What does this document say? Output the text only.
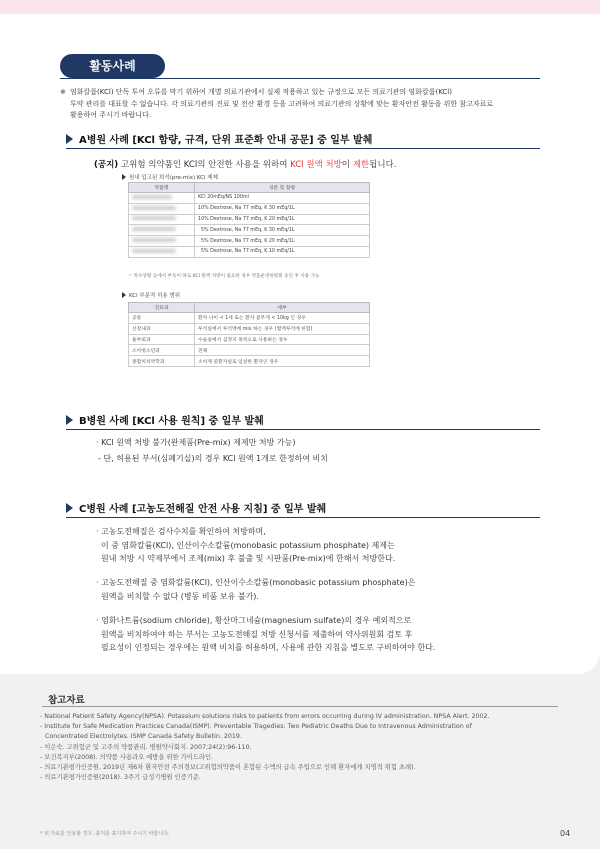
활동사례
※ 염화칼륨(KCl) 단독 투여 오류를 막기 위하여 개별 의료기관에서 실제 적용하고 있는 규정으로 모든 의료기관의 염화칼륨(KCl)
투약 관리를 대표할 수 없습니다. 각 의료기관의 진료 및 전산 환경 등을 고려하여 의료기관의 상황에 맞는 환자안전 활동을 위한 참고자료로
활용하여 주시기 바랍니다.
A병원 사례 [KCl 함량, 규격, 단위 표준화 안내 공문] 중 일부 발췌
(공지) 고위험 의약품인 KCl의 안전한 사용을 위하여 KCl 원액 처방이 제한됩니다.
원내 입고된 희석(pre-mix) KCl 제제
약품명	성분 및 함량
	KCl 20mEq/NS 100ml
	10% Dextrose, Na 77 mEq, K 30 mEq/1L
	10% Dextrose, Na 77 mEq, K 20 mEq/1L
	5% Dextrose, Na 77 mEq, K 30 mEq/1L
	5% Dextrose, Na 77 mEq, K 20 mEq/1L
	5% Dextrose, Na 77 mEq, K 10 mEq/1L
☞ 특수상황 등에서 부득이 따로 KCl 원액 처방이 필요한 경우 약품운영위원회 승인 후 사용 가능
KCl 부분적 허용 범위
진료과	세부
공통	환자 나이 < 1세 또는 환자 몸무게 < 10kg 인 경우
신장내과	투석실에서 투석액에 mix 하는 경우 (혈액투석에 한함)
흉부외과	수술실에서 심정지 목적으로 사용하는 경우
소아청소년과	전체
종합처치약학과	소아계 중환자실로 입실한 환자인 경우
B병원 사례 [KCl 사용 원칙] 중 일부 발췌
· KCl 원액 처방 불가(완제품(Pre-mix) 제제만 처방 가능)
- 단, 허용된 부서(심폐기실)의 경우 KCl 원액 1개로 한정하여 비치
C병원 사례 [고농도전해질 안전 사용 지침] 중 일부 발췌
· 고농도전해질은 검사수치를 확인하여 처방하며,
이 중 염화칼륨(KCl), 인산이수소칼륨(monobasic potassium phosphate) 제제는
원내 처방 시 약제부에서 조제(mix) 후 불출 및 시판품(Pre-mix)에 한해서 처방한다.
· 고농도전해질 중 염화칼륨(KCl), 인산이수소칼륨(monobasic potassium phosphate)은
원액을 비치할 수 없다 (병동 비품 보유 불가).
· 염화나트륨(sodium chloride), 황산마그네슘(magnesium sulfate)의 경우 예외적으로
원액을 비치하여야 하는 부서는 고농도전해질 처방 신청서를 제출하여 약사위원회 검토 후
필요성이 인정되는 경우에는 원액 비치를 허용하며, 사용에 관한 지침을 별도로 구비하여야 한다.
참고자료
- National Patient Safety Agency(NPSA). Potassium solutions risks to patients from errors occurring during IV administration. NPSA Alert. 2002.
- Institute for Safe Medication Practices Canada(ISMP). Preventable Tragedies: Two Pediatric Deaths Due to Intravenous Administration of
Concentrated Electrolytes. ISMP Canada Safety Bulletin. 2019.
- 이은숙. 고위험군 및 고주의 약품관리. 병원약사회지. 2007;24(2):96-110.
- 보건복지부(2008). 의약품 사용과오 예방을 위한 가이드라인.
- 의료기관평가인증원. 2019년 제6차 환자안전 주의경보(고위험의약품이 혼합된 수액의 급속 주입으로 인해 환자에게 치명적 위험 초래).
- 의료기관평가인증원(2018). 3주기 급성기병원 인증기준.
* 위 자료를 인용할 경우, 출처를 표기하여 주시기 바랍니다.	04
